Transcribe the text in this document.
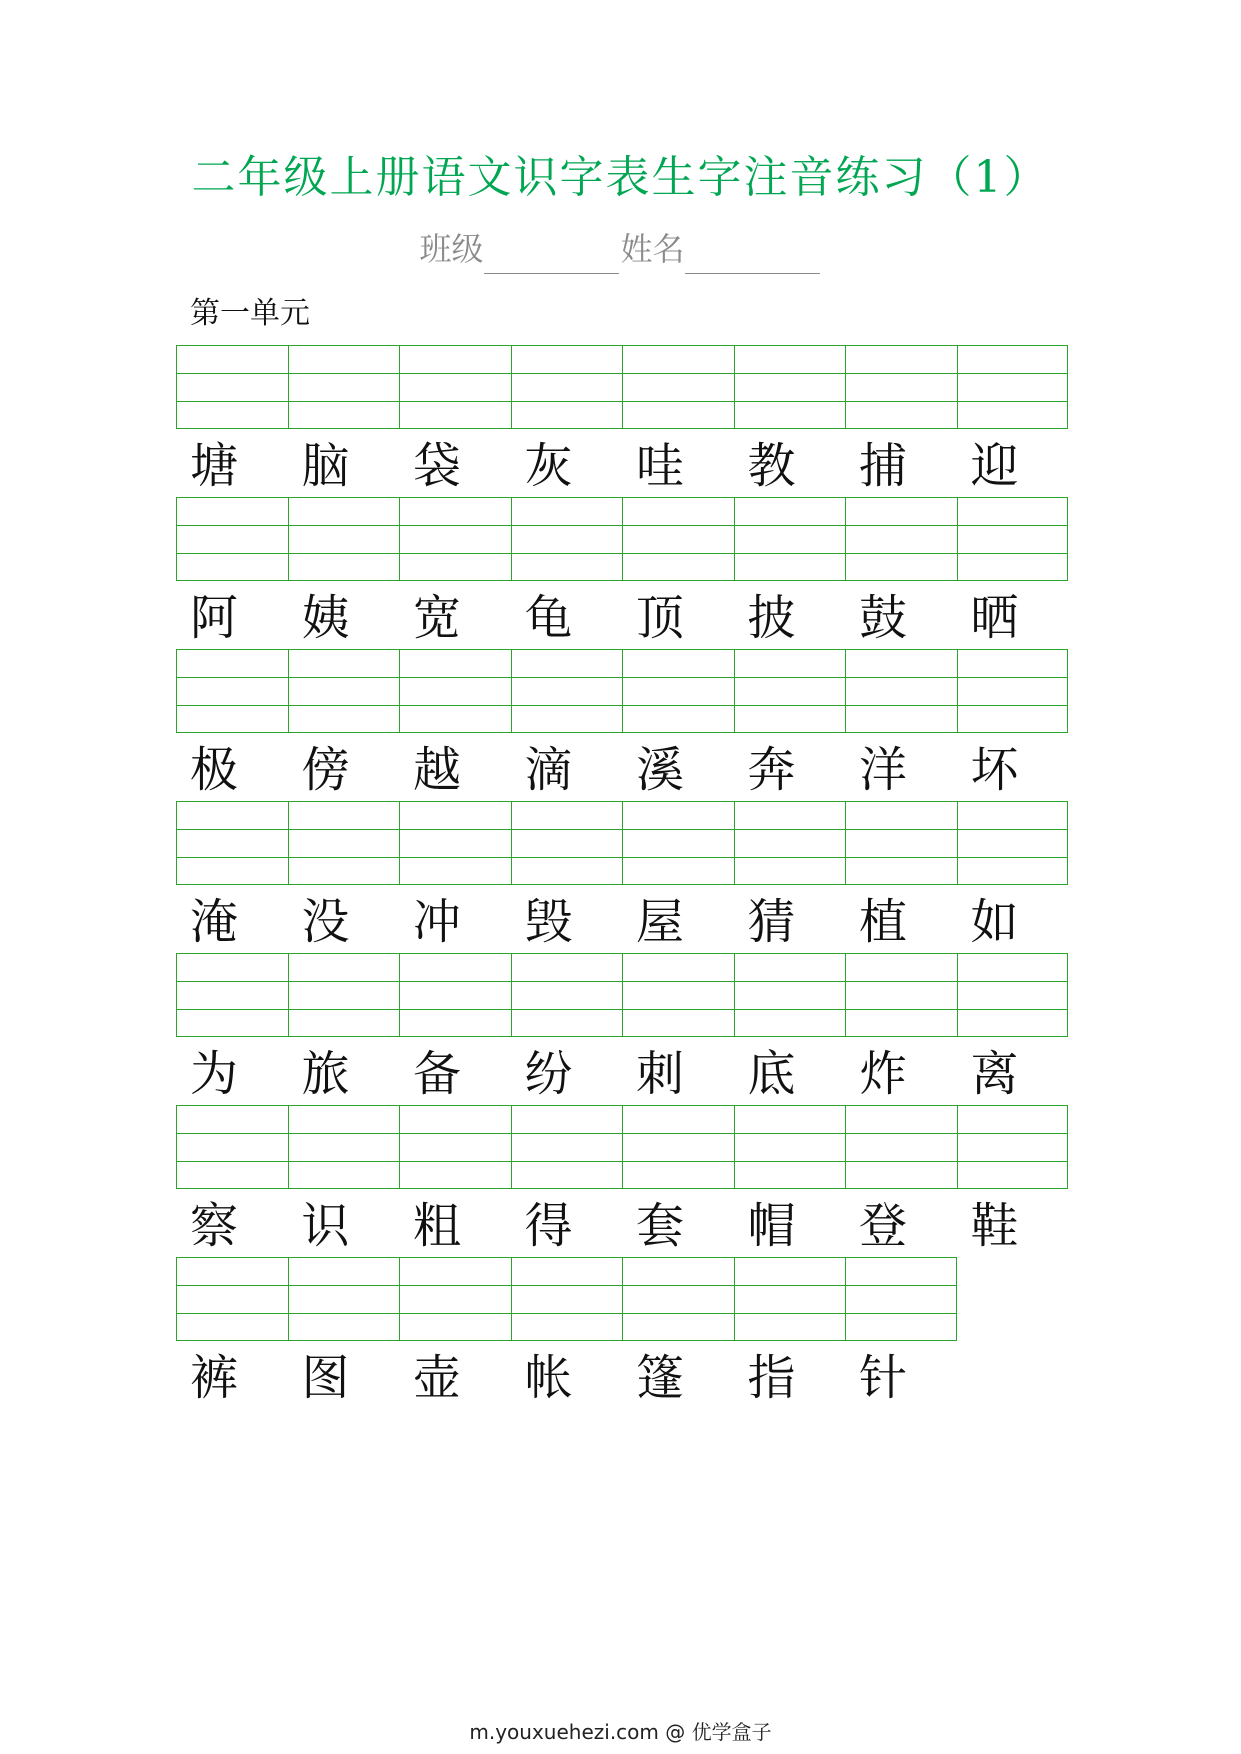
二年级上册语文识字表生字注音练习（1）
班级	姓名
第一单元
塘	脑	袋	灰	哇	教	捕	迎
阿	姨	宽	龟	顶	披	鼓	晒
极	傍	越	滴	溪	奔	洋	坏
淹	没	冲	毁	屋	猜	植	如
为	旅	备	纷	刺	底	炸	离
察	识	粗	得	套	帽	登	鞋
裤	图	壶	帐	篷	指	针
m.youxuehezi.com @ 优学盒子
